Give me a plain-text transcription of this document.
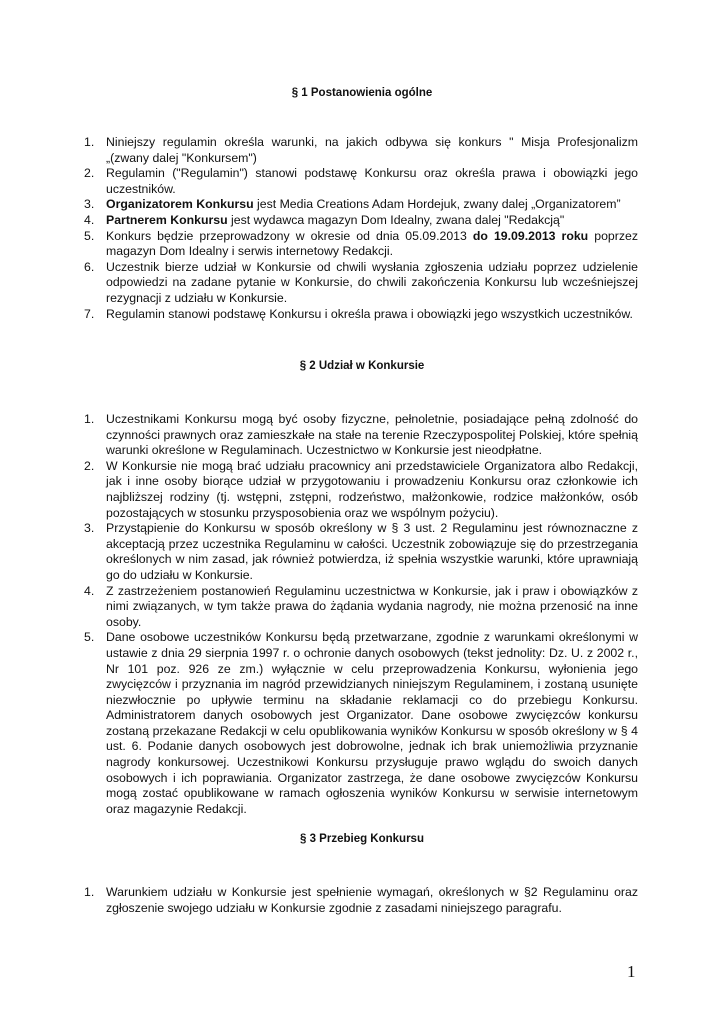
§ 1 Postanowienia ogólne
1. Niniejszy regulamin określa warunki, na jakich odbywa się konkurs " Misja Profesjonalizm „(zwany dalej "Konkursem")
2. Regulamin ("Regulamin") stanowi podstawę Konkursu oraz określa prawa i obowiązki jego uczestników.
3. Organizatorem Konkursu jest Media Creations Adam Hordejuk, zwany dalej „Organizatorem”
4. Partnerem Konkursu jest wydawca magazyn Dom Idealny, zwana dalej "Redakcją"
5. Konkurs będzie przeprowadzony w okresie od dnia 05.09.2013 do 19.09.2013 roku poprzez magazyn Dom Idealny i serwis internetowy Redakcji.
6. Uczestnik bierze udział w Konkursie od chwili wysłania zgłoszenia udziału poprzez udzielenie odpowiedzi na zadane pytanie w Konkursie, do chwili zakończenia Konkursu lub wcześniejszej rezygnacji z udziału w Konkursie.
7. Regulamin stanowi podstawę Konkursu i określa prawa i obowiązki jego wszystkich uczestników.
§ 2 Udział w Konkursie
1. Uczestnikami Konkursu mogą być osoby fizyczne, pełnoletnie, posiadające pełną zdolność do czynności prawnych oraz zamieszkałe na stałe na terenie Rzeczypospolitej Polskiej, które spełnią warunki określone w Regulaminach. Uczestnictwo w Konkursie jest nieodpłatne.
2. W Konkursie nie mogą brać udziału pracownicy ani przedstawiciele Organizatora albo Redakcji, jak i inne osoby biorące udział w przygotowaniu i prowadzeniu Konkursu oraz członkowie ich najbliższej rodziny (tj. wstępni, zstępni, rodzeństwo, małżonkowie, rodzice małżonków, osób pozostających w stosunku przysposobienia oraz we wspólnym pożyciu).
3. Przystąpienie do Konkursu w sposób określony w § 3 ust. 2 Regulaminu jest równoznaczne z akceptacją przez uczestnika Regulaminu w całości. Uczestnik zobowiązuje się do przestrzegania określonych w nim zasad, jak również potwierdza, iż spełnia wszystkie warunki, które uprawniają go do udziału w Konkursie.
4. Z zastrzeżeniem postanowień Regulaminu uczestnictwa w Konkursie, jak i praw i obowiązków z nimi związanych, w tym także prawa do żądania wydania nagrody, nie można przenosić na inne osoby.
5. Dane osobowe uczestników Konkursu będą przetwarzane, zgodnie z warunkami określonymi w ustawie z dnia 29 sierpnia 1997 r. o ochronie danych osobowych (tekst jednolity: Dz. U. z 2002 r., Nr 101 poz. 926 ze zm.) wyłącznie w celu przeprowadzenia Konkursu, wyłonienia jego zwycięzców i przyznania im nagród przewidzianych niniejszym Regulaminem, i zostaną usunięte niezwłocznie po upływie terminu na składanie reklamacji co do przebiegu Konkursu. Administratorem danych osobowych jest Organizator. Dane osobowe zwycięzców konkursu zostaną przekazane Redakcji w celu opublikowania wyników Konkursu w sposób określony w § 4 ust. 6. Podanie danych osobowych jest dobrowolne, jednak ich brak uniemożliwia przyznanie nagrody konkursowej. Uczestnikowi Konkursu przysługuje prawo wglądu do swoich danych osobowych i ich poprawiania. Organizator zastrzega, że dane osobowe zwycięzców Konkursu mogą zostać opublikowane w ramach ogłoszenia wyników Konkursu w serwisie internetowym oraz magazynie Redakcji.
§ 3 Przebieg Konkursu
1. Warunkiem udziału w Konkursie jest spełnienie wymagań, określonych w §2 Regulaminu oraz zgłoszenie swojego udziału w Konkursie zgodnie z zasadami niniejszego paragrafu.
1
